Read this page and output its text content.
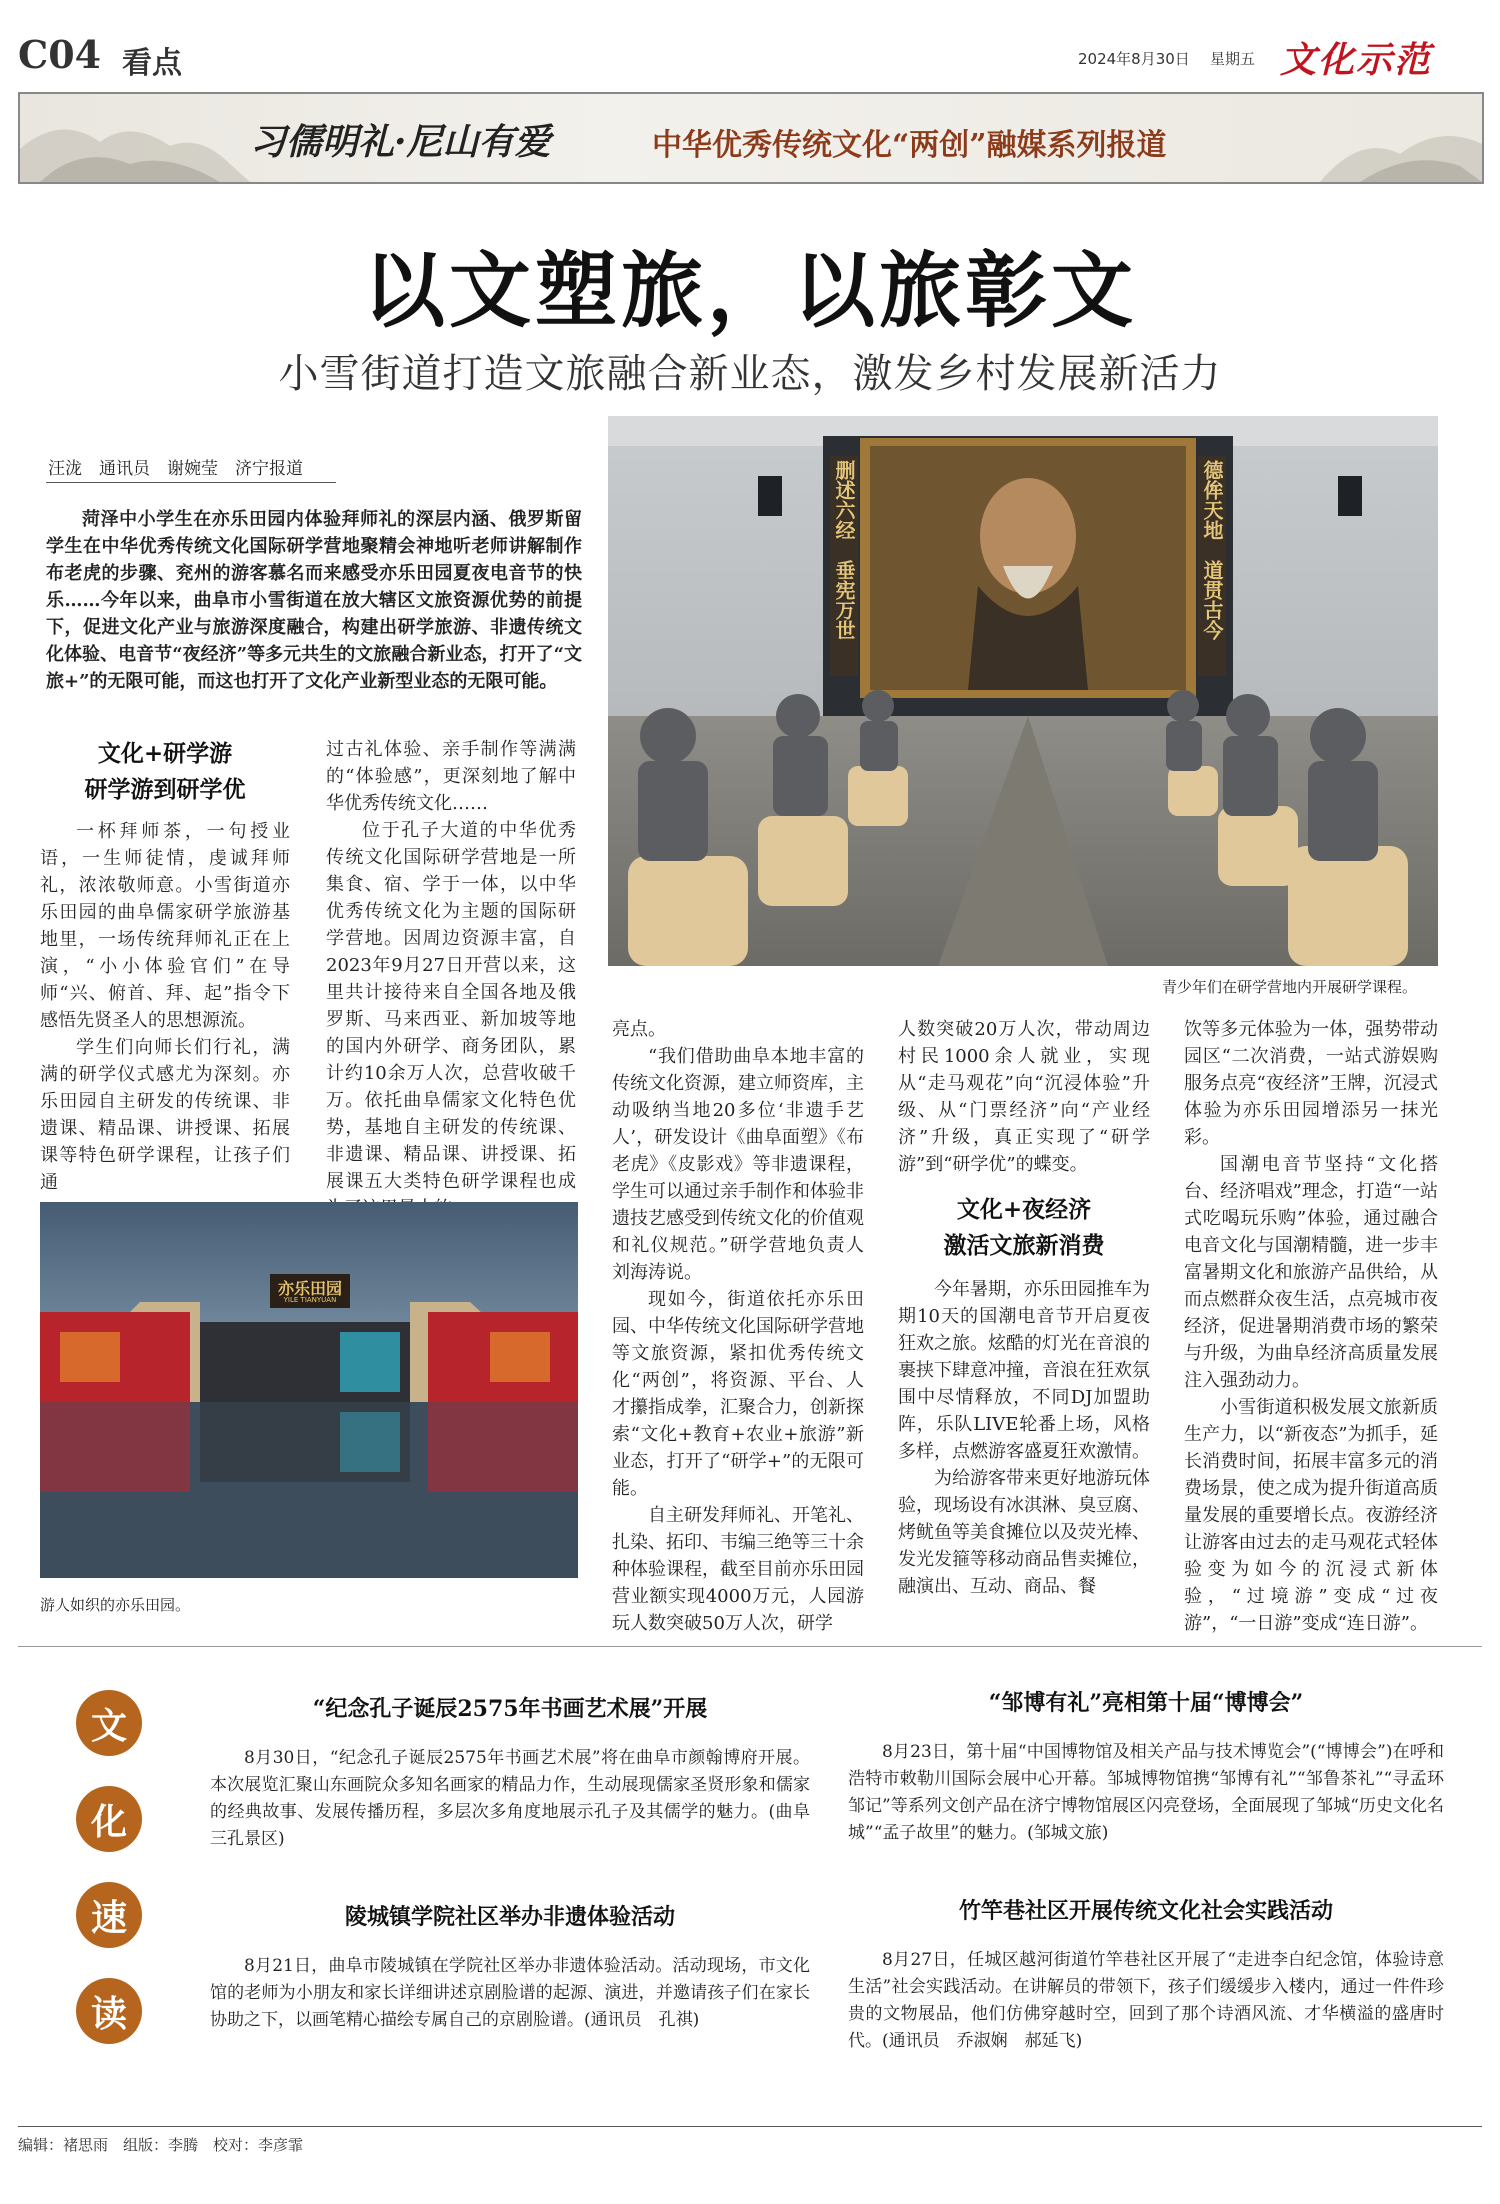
C04 看点	2024年8月30日 星期五 文化示范
习儒明礼·尼山有爱	中华优秀传统文化“两创”融媒系列报道
以文塑旅，以旅彰文
小雪街道打造文旅融合新业态，激发乡村发展新活力
汪泷　通讯员　谢婉莹　济宁报道

菏泽中小学生在亦乐田园内体验拜师礼的深层内涵、俄罗斯留学生在中华优秀传统文化国际研学营地聚精会神地听老师讲解制作布老虎的步骤、兖州的游客慕名而来感受亦乐田园夏夜电音节的快乐……今年以来，曲阜市小雪街道在放大辖区文旅资源优势的前提下，促进文化产业与旅游深度融合，构建出研学旅游、非遗传统文化体验、电音节“夜经济”等多元共生的文旅融合新业态，打开了“文旅+”的无限可能，而这也打开了文化产业新型业态的无限可能。

文化+研学游
研学游到研学优

一杯拜师茶，一句授业语，一生师徒情，虔诚拜师礼，浓浓敬师意。小雪街道亦乐田园的曲阜儒家研学旅游基地里，一场传统拜师礼正在上演，“小小体验官们”在导师“兴、俯首、拜、起”指令下感悟先贤圣人的思想源流。

学生们向师长们行礼，满满的研学仪式感尤为深刻。亦乐田园自主研发的传统课、非遗课、精品课、讲授课、拓展课等特色研学课程，让孩子们通

过古礼体验、亲手制作等满满的“体验感”，更深刻地了解中华优秀传统文化……

位于孔子大道的中华优秀传统文化国际研学营地是一所集食、宿、学于一体，以中华优秀传统文化为主题的国际研学营地。因周边资源丰富，自2023年9月27日开营以来，这里共计接待来自全国各地及俄罗斯、马来西亚、新加坡等地的国内外研学、商务团队，累计约10余万人次，总营收破千万。依托曲阜儒家文化特色优势，基地自主研发的传统课、非遗课、精品课、讲授课、拓展课五大类特色研学课程也成

删述六经　垂宪万世	德侔天地　道贯古今
青少年们在研学营地内开展研学课程。
亦乐田园
YILE TIANYUAN
游人如织的亦乐田园。

亮点。

“我们借助曲阜本地丰富的传统文化资源，建立师资库，主动吸纳当地20多位‘非遗手艺人’，研发设计《曲阜面塑》《布老虎》《皮影戏》等非遗课程，学生可以通过亲手制作和体验非遗技艺感受到传统文化的价值观和礼仪规范。”研学营地负责人刘海涛说。

现如今，街道依托亦乐田园、中华传统文化国际研学营地等文旅资源，紧扣优秀传统文化“两创”，将资源、平台、人才攥指成拳，汇聚合力，创新探索“文化+教育+农业+旅游”新业态，打开了“研学+”的无限可能。

自主研发拜师礼、开笔礼、扎染、拓印、韦编三绝等三十余种体验课程，截至目前亦乐田园营业额实现4000万元，人园游玩人数突破50万人次，研学

人数突破20万人次，带动周边村民1000余人就业，实现从“走马观花”向“沉浸体验”升级、从“门票经济”向“产业经济”升级，真正实现了“研学游”到“研学优”的蝶变。

文化+夜经济
激活文旅新消费

今年暑期，亦乐田园推车为期10天的国潮电音节开启夏夜狂欢之旅。炫酷的灯光在音浪的裹挟下肆意冲撞，音浪在狂欢氛围中尽情释放，不同DJ加盟助阵，乐队LIVE轮番上场，风格多样，点燃游客盛夏狂欢激情。

为给游客带来更好地游玩体验，现场设有冰淇淋、臭豆腐、烤鱿鱼等美食摊位以及荧光棒、发光发箍等移动商品售卖摊位，融演出、互动、商品、餐

饮等多元体验为一体，强势带动园区“二次消费，一站式游娱购服务点亮“夜经济”王牌，沉浸式体验为亦乐田园增添另一抹光彩。

国潮电音节坚持“文化搭台、经济唱戏”理念，打造“一站式吃喝玩乐购”体验，通过融合电音文化与国潮精髓，进一步丰富暑期文化和旅游产品供给，从而点燃群众夜生活，点亮城市夜经济，促进暑期消费市场的繁荣与升级，为曲阜经济高质量发展注入强劲动力。

小雪街道积极发展文旅新质生产力，以“新夜态”为抓手，延长消费时间，拓展丰富多元的消费场景，使之成为提升街道高质量发展的重要增长点。夜游经济让游客由过去的走马观花式轻体验变为如今的沉浸式新体验，“过境游”变成“过夜游”，“一日游”变成“连日游”。

文
化
速
读
“纪念孔子诞辰2575年书画艺术展”开展

8月30日，“纪念孔子诞辰2575年书画艺术展”将在曲阜市颜翰博府开展。本次展览汇聚山东画院众多知名画家的精品力作，生动展现儒家圣贤形象和儒家的经典故事、发展传播历程，多层次多角度地展示孔子及其儒学的魅力。(曲阜三孔景区)

陵城镇学院社区举办非遗体验活动

8月21日，曲阜市陵城镇在学院社区举办非遗体验活动。活动现场，市文化馆的老师为小朋友和家长详细讲述京剧脸谱的起源、演进，并邀请孩子们在家长协助之下，以画笔精心描绘专属自己的京剧脸谱。(通讯员　孔祺)

“邹博有礼”亮相第十届“博博会”

8月23日，第十届“中国博物馆及相关产品与技术博览会”(“博博会”)在呼和浩特市敕勒川国际会展中心开幕。邹城博物馆携“邹博有礼”“邹鲁茶礼”“寻孟环邹记”等系列文创产品在济宁博物馆展区闪亮登场，全面展现了邹城“历史文化名城”“孟子故里”的魅力。(邹城文旅)

竹竿巷社区开展传统文化社会实践活动

8月27日，任城区越河街道竹竿巷社区开展了“走进李白纪念馆，体验诗意生活”社会实践活动。在讲解员的带领下，孩子们缓缓步入楼内，通过一件件珍贵的文物展品，他们仿佛穿越时空，回到了那个诗酒风流、才华横溢的盛唐时代。(通讯员　乔淑娴　郝延飞)

编辑：褚思雨　组版：李腾　校对：李彦霏
